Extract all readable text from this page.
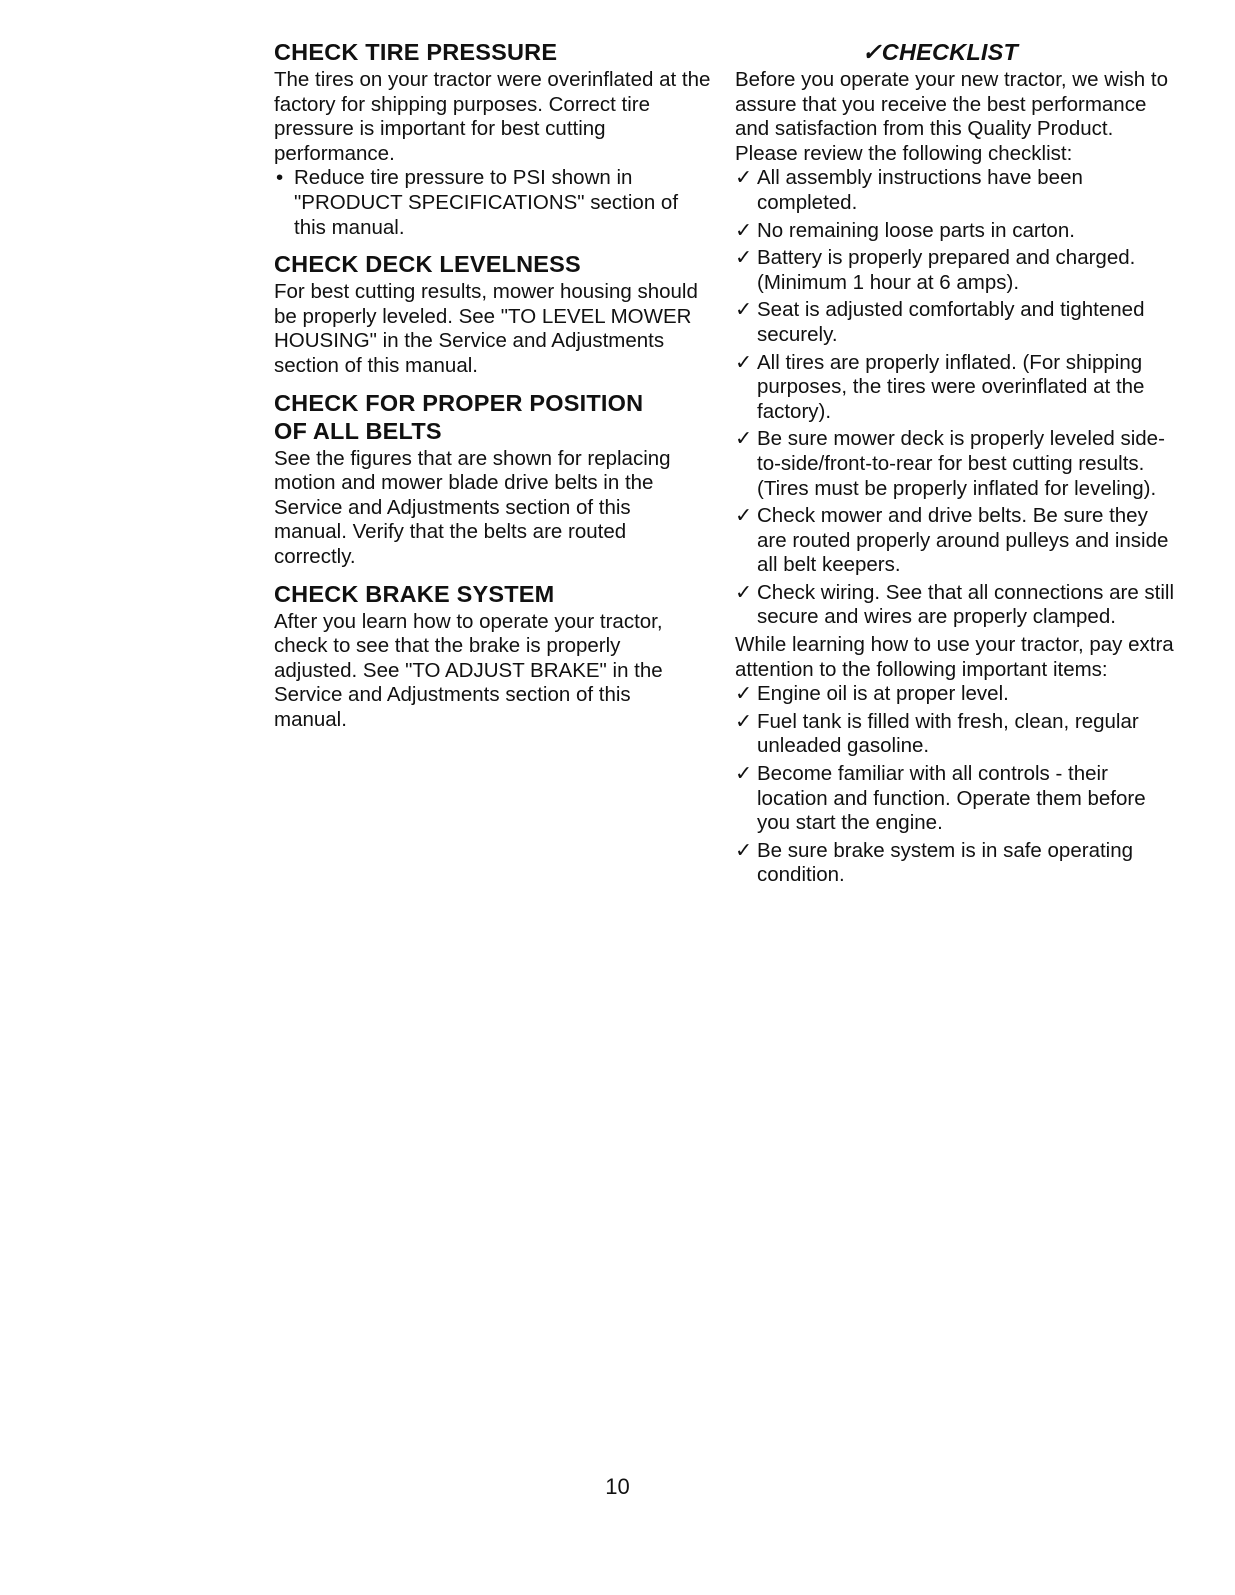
CHECK TIRE PRESSURE

The tires on your tractor were overinflated at the factory for shipping purposes. Correct tire pressure is important for best cutting performance.

• Reduce tire pressure to PSI shown in "PRODUCT SPECIFICATIONS" section of this manual.
CHECK DECK LEVELNESS

For best cutting results, mower housing should be properly leveled. See "TO LEVEL MOWER HOUSING" in the Service and Adjustments section of this manual.

CHECK FOR PROPER POSITION OF ALL BELTS

See the figures that are shown for replacing motion and mower blade drive belts in the Service and Adjustments section of this manual. Verify that the belts are routed correctly.

CHECK BRAKE SYSTEM

After you learn how to operate your tractor, check to see that the brake is properly adjusted. See "TO ADJUST BRAKE" in the Service and Adjustments section of this manual.

✓CHECKLIST

Before you operate your new tractor, we wish to assure that you receive the best performance and satisfaction from this Quality Product.

Please review the following checklist:

✓ All assembly instructions have been completed.
✓ No remaining loose parts in carton.
✓ Battery is properly prepared and charged. (Minimum 1 hour at 6 amps).
✓ Seat is adjusted comfortably and tightened securely.
✓ All tires are properly inflated. (For shipping purposes, the tires were overinflated at the factory).
✓ Be sure mower deck is properly leveled side-to-side/front-to-rear for best cutting results. (Tires must be properly inflated for leveling).
✓ Check mower and drive belts. Be sure they are routed properly around pulleys and inside all belt keepers.
✓ Check wiring. See that all connections are still secure and wires are properly clamped.

While learning how to use your tractor, pay extra attention to the following important items:

✓ Engine oil is at proper level.
✓ Fuel tank is filled with fresh, clean, regular unleaded gasoline.
✓ Become familiar with all controls - their location and function. Operate them before you start the engine.
✓ Be sure brake system is in safe operating condition.
10
